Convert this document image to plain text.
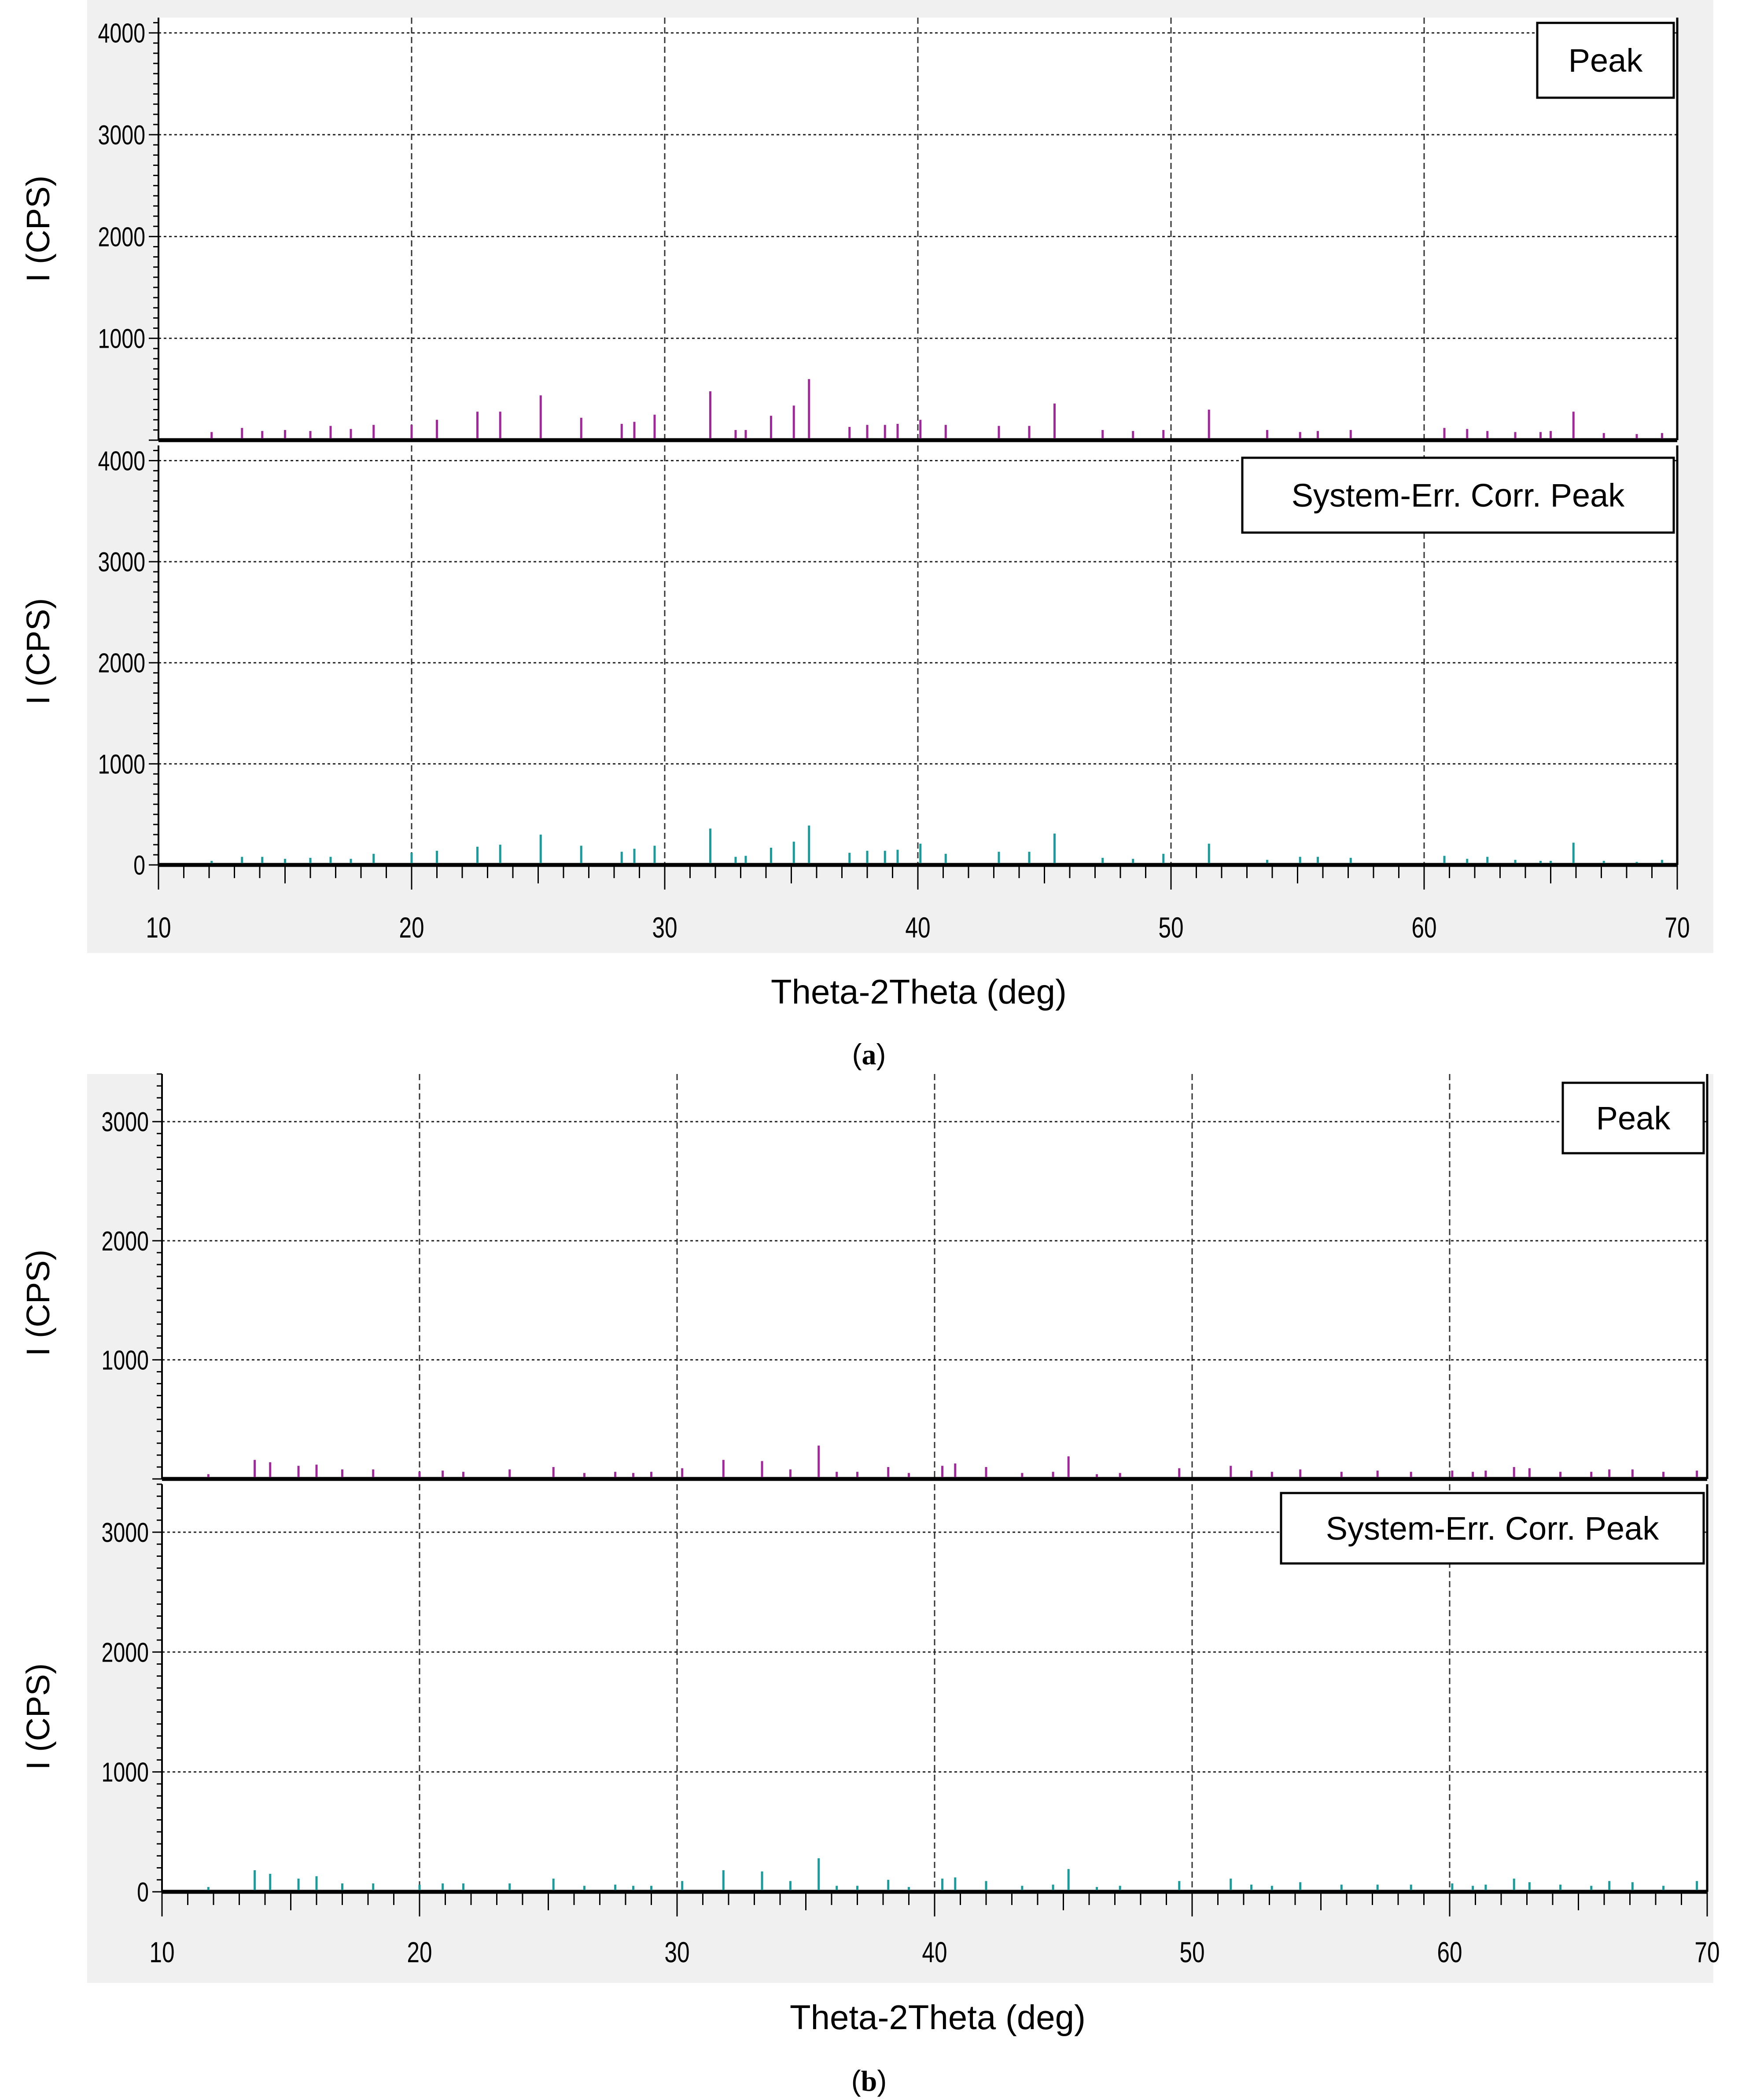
1000
2000
3000
4000
I (CPS)
Peak
0
1000
2000
3000
4000
10	20	30	40	50	60	70
I (CPS)
System-Err. Corr. Peak
Theta-2Theta (deg)
(a)
1000
2000
3000
I (CPS)
Peak
0
1000
2000
3000
10	20	30	40	50	60	70
I (CPS)
System-Err. Corr. Peak
Theta-2Theta (deg)
(b)
